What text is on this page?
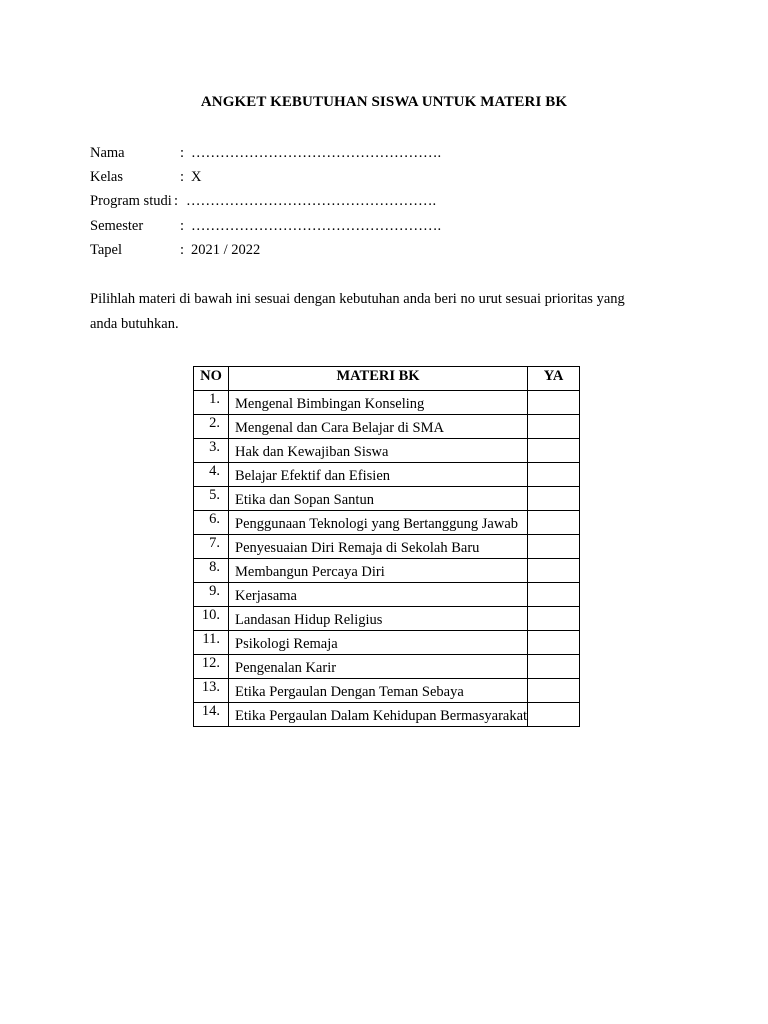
ANGKET KEBUTUHAN SISWA UNTUK MATERI BK
Nama	: …………………………………………….
Kelas	: X
Program studi : …………………………………………….
Semester	: …………………………………………….
Tapel	: 2021 / 2022
Pilihlah materi di bawah ini sesuai dengan kebutuhan anda beri no urut sesuai prioritas yang anda butuhkan.
NO	MATERI BK	YA
1.	Mengenal Bimbingan Konseling	
2.	Mengenal dan Cara Belajar di SMA	
3.	Hak dan Kewajiban Siswa	
4.	Belajar Efektif dan Efisien	
5.	Etika dan Sopan Santun	
6.	Penggunaan Teknologi yang Bertanggung Jawab	
7.	Penyesuaian Diri Remaja di Sekolah Baru	
8.	Membangun Percaya Diri	
9.	Kerjasama	
10.	Landasan Hidup Religius	
11.	Psikologi Remaja	
12.	Pengenalan Karir	
13.	Etika Pergaulan Dengan Teman Sebaya	
14.	Etika Pergaulan Dalam Kehidupan Bermasyarakat	
